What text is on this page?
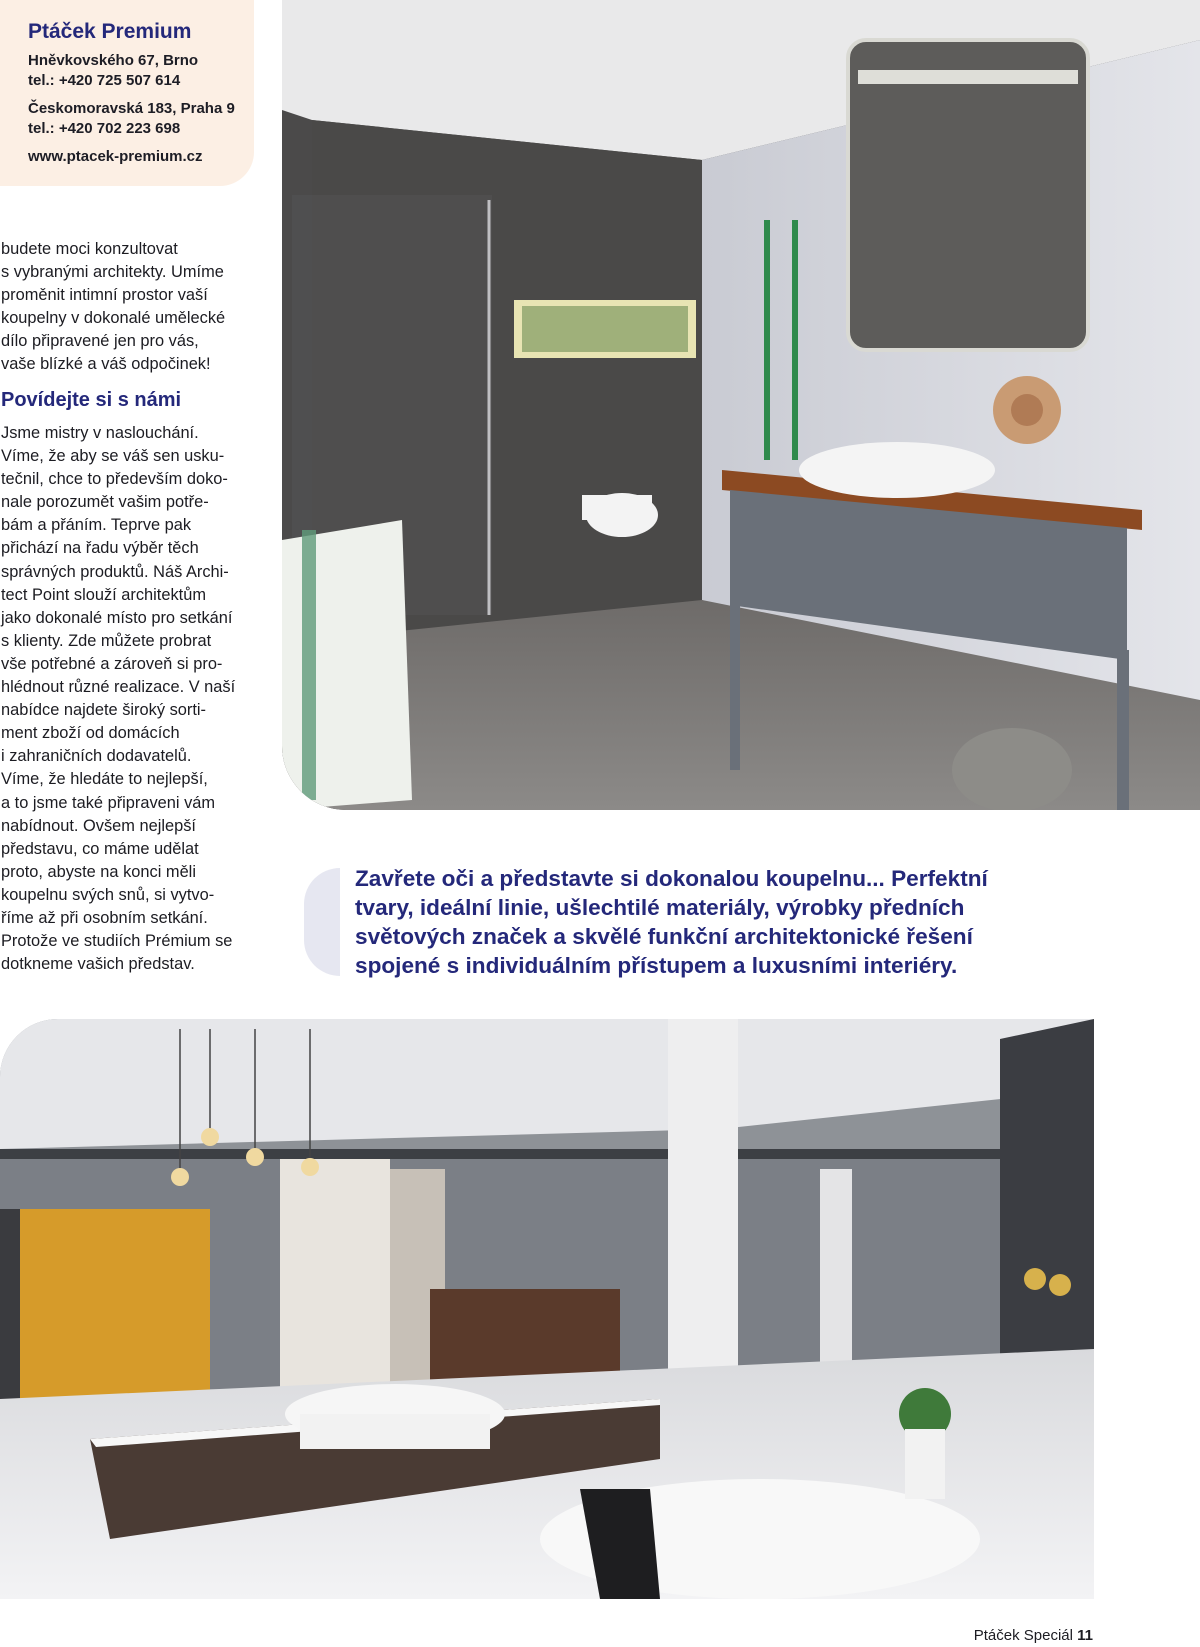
Ptáček Premium
Hněvkovského 67, Brno
tel.: +420 725 507 614
Českomoravská 183, Praha 9
tel.: +420 702 223 698
www.ptacek-premium.cz

budete moci konzultovat

s vybranými architekty. Umíme

proměnit intimní prostor vaší

koupelny v dokonalé umělecké

dílo připravené jen pro vás,

vaše blízké a váš odpočinek!

Povídejte si s námi

Jsme mistry v naslouchání.

Víme, že aby se váš sen usku-

tečnil, chce to především doko-

nale porozumět vašim potře-

bám a přáním. Teprve pak

přichází na řadu výběr těch

správných produktů. Náš Archi-

tect Point slouží architektům

jako dokonalé místo pro setkání

s klienty. Zde můžete probrat

vše potřebné a zároveň si pro-

hlédnout různé realizace. V naší

nabídce najdete široký sorti-

ment zboží od domácích

i zahraničních dodavatelů.

Víme, že hledáte to nejlepší,

a to jsme také připraveni vám

nabídnout. Ovšem nejlepší

představu, co máme udělat

proto, abyste na konci měli

koupelnu svých snů, si vytvo-

říme až při osobním setkání.

Protože ve studiích Prémium se

dotkneme vašich představ.

Zavřete oči a představte si dokonalou koupelnu... Perfektní

tvary, ideální linie, ušlechtilé materiály, výrobky předních

světových značek a skvělé funkční architektonické řešení

spojené s individuálním přístupem a luxusními interiéry.

Ptáček Speciál 11
